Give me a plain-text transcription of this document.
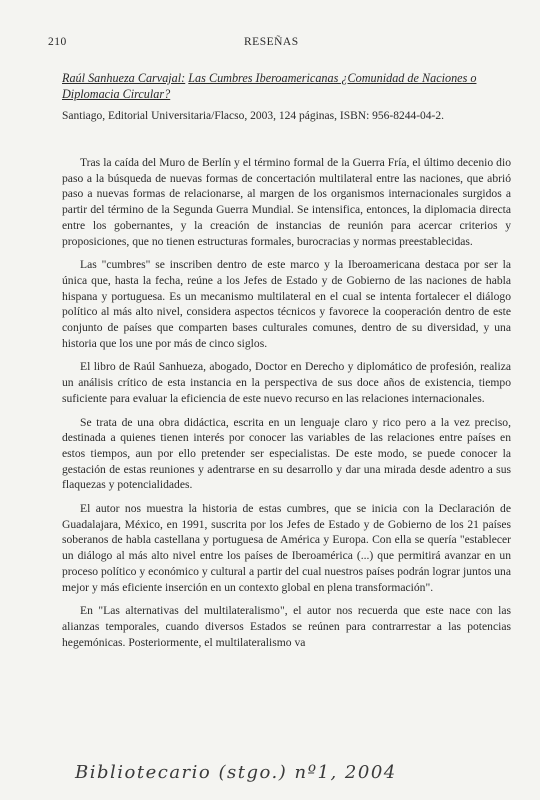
210	RESEÑAS
Raúl Sanhueza Carvajal: Las Cumbres Iberoamericanas ¿Comunidad de Naciones o Diplomacia Circular?
Santiago, Editorial Universitaria/Flacso, 2003, 124 páginas, ISBN: 956-8244-04-2.

Tras la caída del Muro de Berlín y el término formal de la Guerra Fría, el último decenio dio paso a la búsqueda de nuevas formas de concertación multilateral entre las naciones, que abrió paso a nuevas formas de relacionarse, al margen de los organismos internacionales surgidos a partir del término de la Segunda Guerra Mundial. Se intensifica, entonces, la diplomacia directa entre los gobernantes, y la creación de instancias de reunión para acercar criterios y proposiciones, que no tienen estructuras formales, burocracias y normas preestablecidas.

Las "cumbres" se inscriben dentro de este marco y la Iberoamericana destaca por ser la única que, hasta la fecha, reúne a los Jefes de Estado y de Gobierno de las naciones de habla hispana y portuguesa. Es un mecanismo multilateral en el cual se intenta fortalecer el diálogo político al más alto nivel, considera aspectos técnicos y favorece la cooperación dentro de este conjunto de países que comparten bases culturales comunes, dentro de su diversidad, y una historia que los une por más de cinco siglos.

El libro de Raúl Sanhueza, abogado, Doctor en Derecho y diplomático de profesión, realiza un análisis crítico de esta instancia en la perspectiva de sus doce años de existencia, tiempo suficiente para evaluar la eficiencia de este nuevo recurso en las relaciones internacionales.

Se trata de una obra didáctica, escrita en un lenguaje claro y rico pero a la vez preciso, destinada a quienes tienen interés por conocer las variables de las relaciones entre países en estos tiempos, aun por ello pretender ser especialistas. De este modo, se puede conocer la gestación de estas reuniones y adentrarse en su desarrollo y dar una mirada desde adentro a sus flaquezas y potencialidades.

El autor nos muestra la historia de estas cumbres, que se inicia con la Declaración de Guadalajara, México, en 1991, suscrita por los Jefes de Estado y de Gobierno de los 21 países soberanos de habla castellana y portuguesa de América y Europa. Con ella se quería "establecer un diálogo al más alto nivel entre los países de Iberoamérica (...) que permitirá avanzar en un proceso político y económico y cultural a partir del cual nuestros países podrán lograr juntos una mejor y más eficiente inserción en un contexto global en plena transformación".

En "Las alternativas del multilateralismo", el autor nos recuerda que este nace con las alianzas temporales, cuando diversos Estados se reúnen para contrarrestar a las potencias hegemónicas. Posteriormente, el multilateralismo va

Bibliotecario (stgo.) nº1, 2004
